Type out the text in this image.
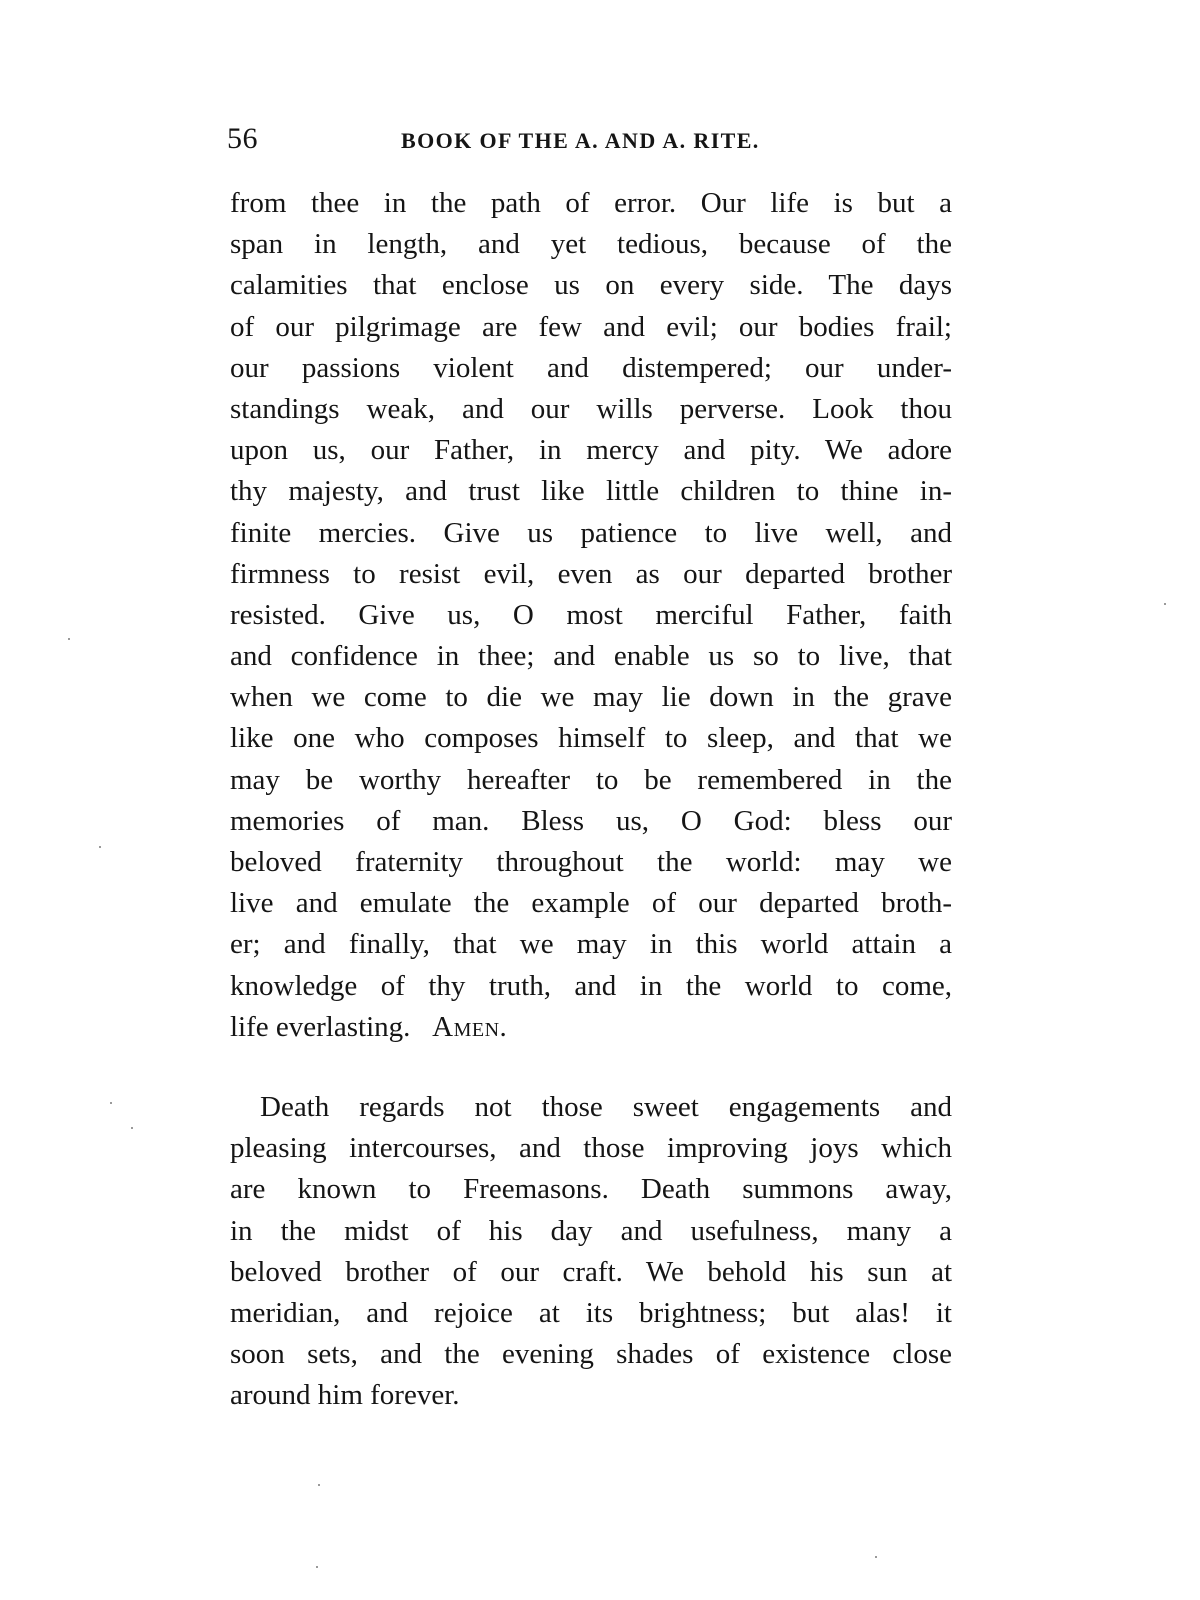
56	BOOK OF THE A. AND A. RITE.
from thee in the path of error. Our life is but a
span in length, and yet tedious, because of the
calamities that enclose us on every side. The days
of our pilgrimage are few and evil; our bodies frail;
our passions violent and distempered; our under-
standings weak, and our wills perverse. Look thou
upon us, our Father, in mercy and pity. We adore
thy majesty, and trust like little children to thine in-
finite mercies. Give us patience to live well, and
firmness to resist evil, even as our departed brother
resisted. Give us, O most merciful Father, faith
and confidence in thee; and enable us so to live, that
when we come to die we may lie down in the grave
like one who composes himself to sleep, and that we
may be worthy hereafter to be remembered in the
memories of man. Bless us, O God: bless our
beloved fraternity throughout the world: may we
live and emulate the example of our departed broth-
er; and finally, that we may in this world attain a
knowledge of thy truth, and in the world to come,
life everlasting. Amen.
Death regards not those sweet engagements and
pleasing intercourses, and those improving joys which
are known to Freemasons. Death summons away,
in the midst of his day and usefulness, many a
beloved brother of our craft. We behold his sun at
meridian, and rejoice at its brightness; but alas! it
soon sets, and the evening shades of existence close
around him forever.
